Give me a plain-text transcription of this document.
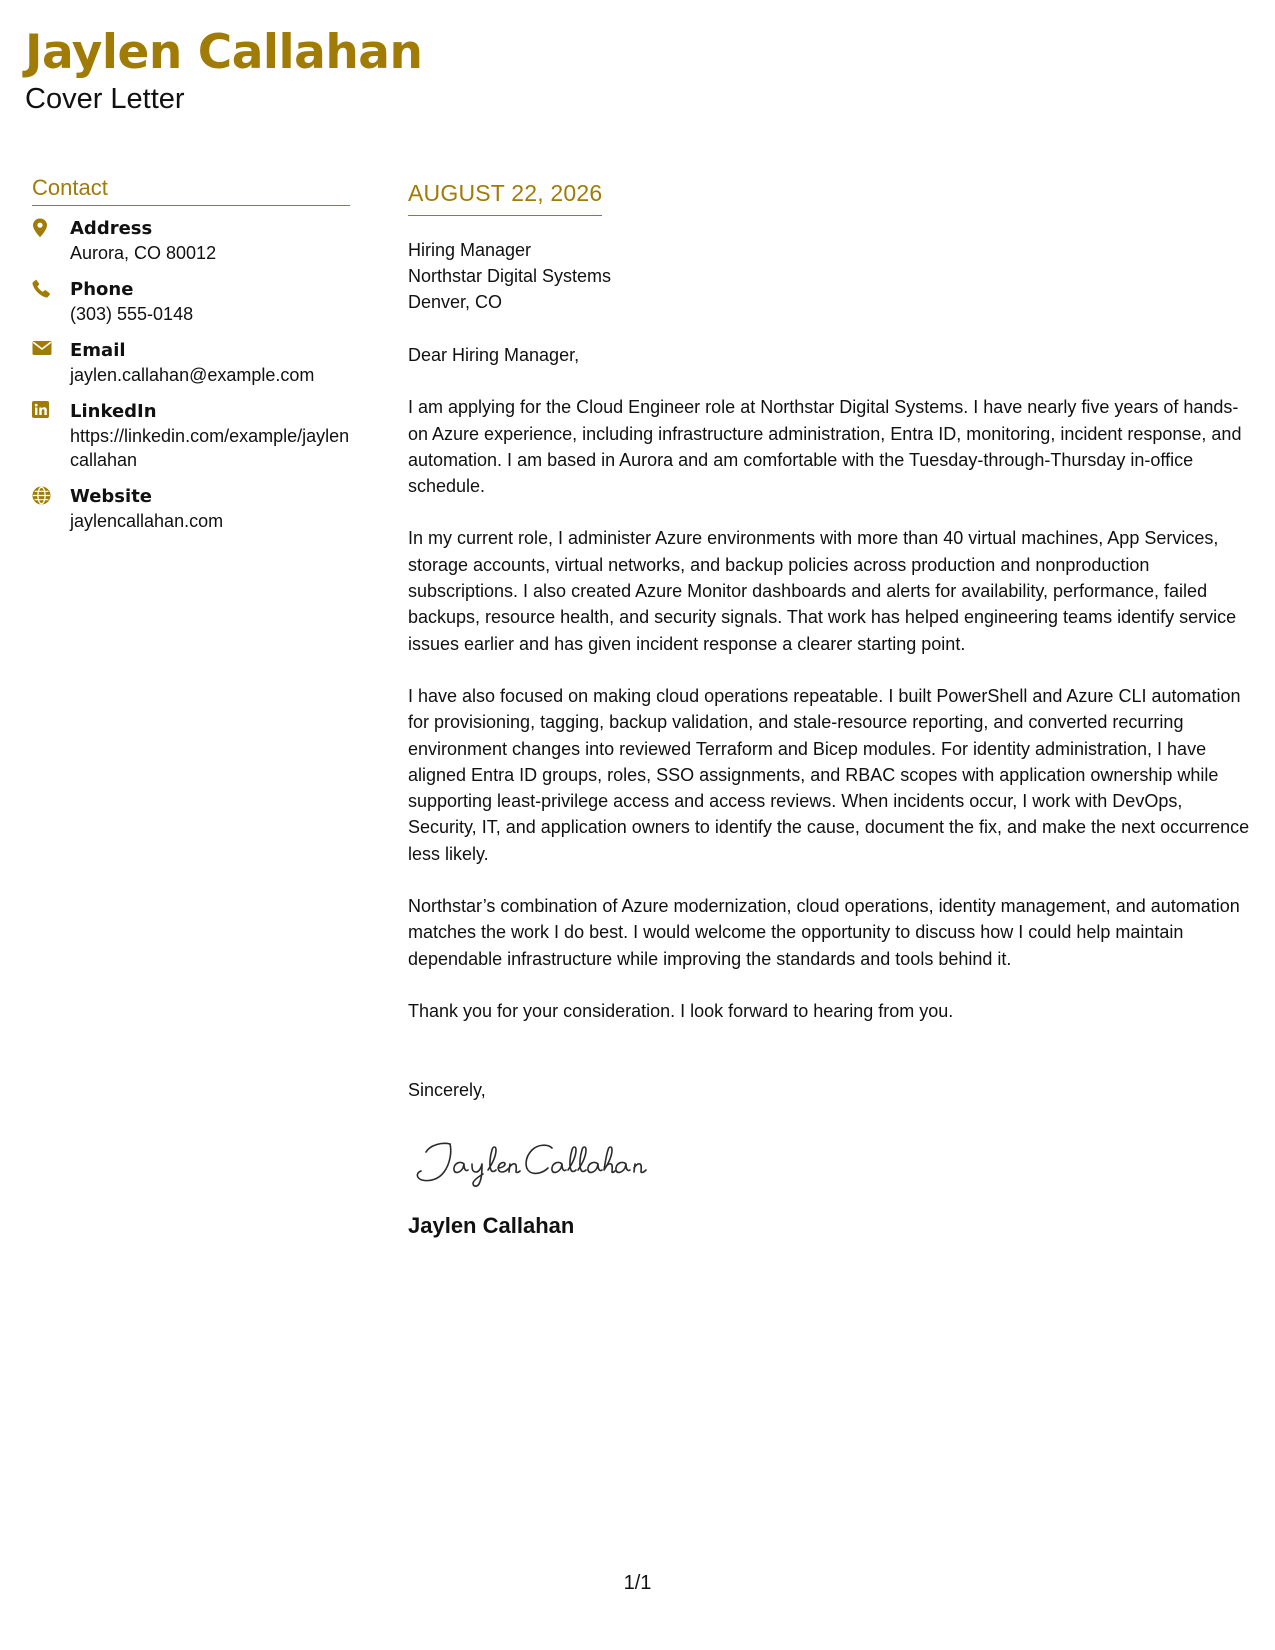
Jaylen Callahan
Cover Letter
Contact
Address
Aurora, CO 80012
Phone
(303) 555-0148
Email
jaylen.callahan@example.com
LinkedIn
https://linkedin.com/example/jaylencallahan
Website
jaylencallahan.com
AUGUST 22, 2026
Hiring Manager
Northstar Digital Systems
Denver, CO

Dear Hiring Manager,

I am applying for the Cloud Engineer role at Northstar Digital Systems. I have nearly five years of hands-on Azure experience, including infrastructure administration, Entra ID, monitoring, incident response, and automation. I am based in Aurora and am comfortable with the Tuesday-through-Thursday in-office schedule.

In my current role, I administer Azure environments with more than 40 virtual machines, App Services, storage accounts, virtual networks, and backup policies across production and nonproduction subscriptions. I also created Azure Monitor dashboards and alerts for availability, performance, failed backups, resource health, and security signals. That work has helped engineering teams identify service issues earlier and has given incident response a clearer starting point.

I have also focused on making cloud operations repeatable. I built PowerShell and Azure CLI automation for provisioning, tagging, backup validation, and stale-resource reporting, and converted recurring environment changes into reviewed Terraform and Bicep modules. For identity administration, I have aligned Entra ID groups, roles, SSO assignments, and RBAC scopes with application ownership while supporting least-privilege access and access reviews. When incidents occur, I work with DevOps, Security, IT, and application owners to identify the cause, document the fix, and make the next occurrence less likely.

Northstar’s combination of Azure modernization, cloud operations, identity management, and automation matches the work I do best. I would welcome the opportunity to discuss how I could help maintain dependable infrastructure while improving the standards and tools behind it.

Thank you for your consideration. I look forward to hearing from you.

Sincerely,

Jaylen Callahan
1/1
